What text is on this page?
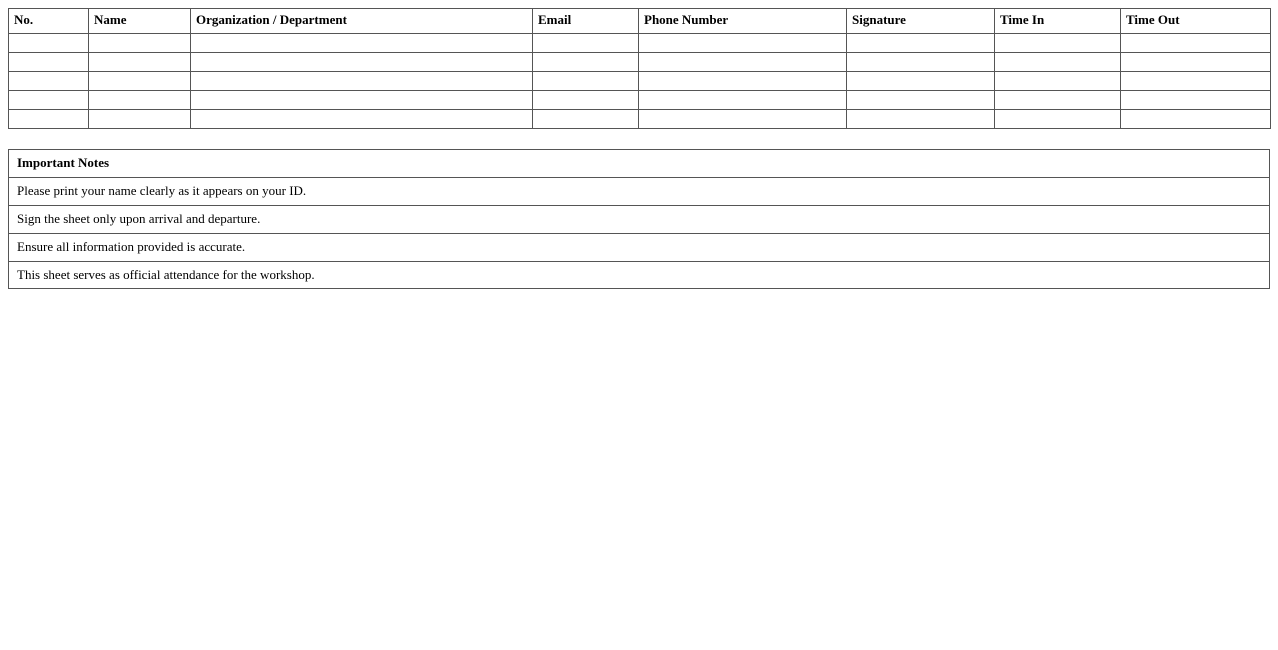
No.	Name	Organization / Department	Email	Phone Number	Signature	Time In	Time Out

Important Notes
Please print your name clearly as it appears on your ID.
Sign the sheet only upon arrival and departure.
Ensure all information provided is accurate.
This sheet serves as official attendance for the workshop.
